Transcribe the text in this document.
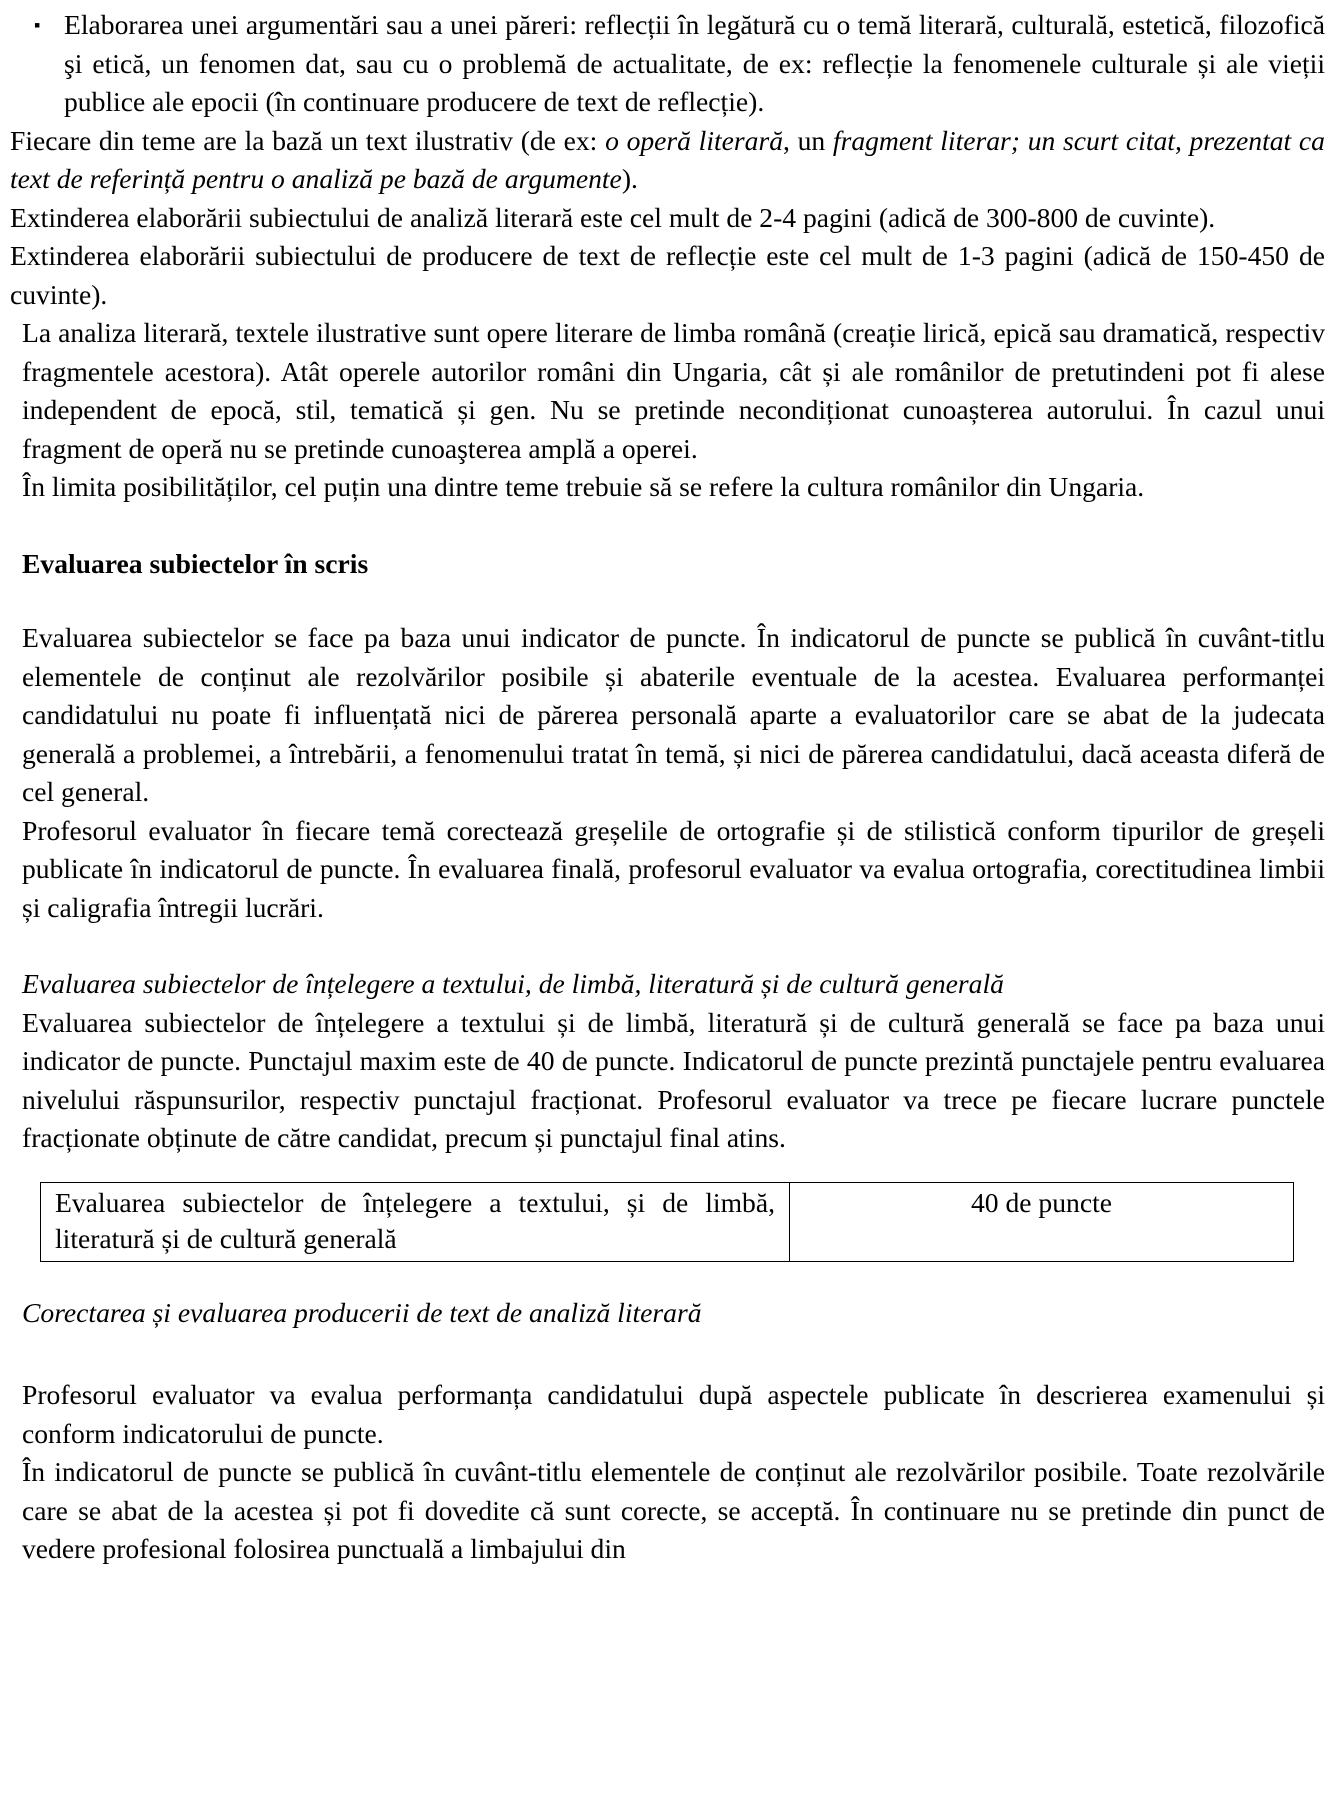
▪ Elaborarea unei argumentări sau a unei păreri: reflecții în legătură cu o temă literară, culturală, estetică, filozofică şi etică, un fenomen dat, sau cu o problemă de actualitate, de ex: reflecție la fenomenele culturale și ale vieții publice ale epocii (în continuare producere de text de reflecție).

Fiecare din teme are la bază un text ilustrativ (de ex: o operă literară, un fragment literar; un scurt citat, prezentat ca text de referință pentru o analiză pe bază de argumente).

Extinderea elaborării subiectului de analiză literară este cel mult de 2-4 pagini (adică de 300-800 de cuvinte).

Extinderea elaborării subiectului de producere de text de reflecție este cel mult de 1-3 pagini (adică de 150-450 de cuvinte).

La analiza literară, textele ilustrative sunt opere literare de limba română (creație lirică, epică sau dramatică, respectiv fragmentele acestora). Atât operele autorilor români din Ungaria, cât și ale românilor de pretutindeni pot fi alese independent de epocă, stil, tematică și gen. Nu se pretinde necondiționat cunoașterea autorului. În cazul unui fragment de operă nu se pretinde cunoaşterea amplă a operei.

În limita posibilităților, cel puțin una dintre teme trebuie să se refere la cultura românilor din Ungaria.

Evaluarea subiectelor în scris

Evaluarea subiectelor se face pa baza unui indicator de puncte. În indicatorul de puncte se publică în cuvânt-titlu elementele de conținut ale rezolvărilor posibile și abaterile eventuale de la acestea. Evaluarea performanței candidatului nu poate fi influențată nici de părerea personală aparte a evaluatorilor care se abat de la judecata generală a problemei, a întrebării, a fenomenului tratat în temă, și nici de părerea candidatului, dacă aceasta diferă de cel general.

Profesorul evaluator în fiecare temă corectează greșelile de ortografie și de stilistică conform tipurilor de greșeli publicate în indicatorul de puncte. În evaluarea finală, profesorul evaluator va evalua ortografia, corectitudinea limbii și caligrafia întregii lucrări.

Evaluarea subiectelor de înțelegere a textului, de limbă, literatură și de cultură generală

Evaluarea subiectelor de înțelegere a textului și de limbă, literatură și de cultură generală se face pa baza unui indicator de puncte. Punctajul maxim este de 40 de puncte. Indicatorul de puncte prezintă punctajele pentru evaluarea nivelului răspunsurilor, respectiv punctajul fracționat. Profesorul evaluator va trece pe fiecare lucrare punctele fracționate obținute de către candidat, precum și punctajul final atins.

Evaluarea subiectelor de înțelegere a textului, și de limbă, literatură și de cultură generală	40 de puncte

Corectarea și evaluarea producerii de text de analiză literară

Profesorul evaluator va evalua performanța candidatului după aspectele publicate în descrierea examenului și conform indicatorului de puncte.

În indicatorul de puncte se publică în cuvânt-titlu elementele de conținut ale rezolvărilor posibile. Toate rezolvările care se abat de la acestea și pot fi dovedite că sunt corecte, se acceptă. În continuare nu se pretinde din punct de vedere profesional folosirea punctuală a limbajului din
